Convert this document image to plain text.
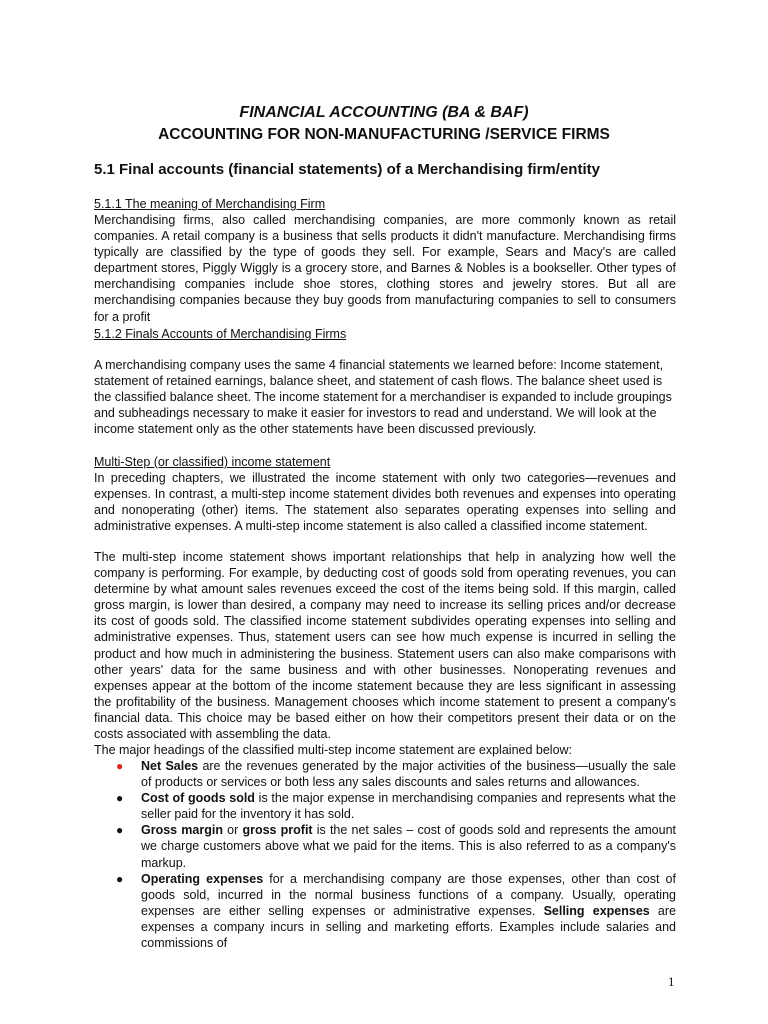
FINANCIAL ACCOUNTING (BA & BAF)
ACCOUNTING FOR NON-MANUFACTURING /SERVICE FIRMS
5.1 Final accounts (financial statements) of a Merchandising firm/entity
5.1.1 The meaning of Merchandising Firm
Merchandising firms, also called merchandising companies, are more commonly known as retail companies. A retail company is a business that sells products it didn't manufacture. Merchandising firms typically are classified by the type of goods they sell. For example, Sears and Macy's are called department stores, Piggly Wiggly is a grocery store, and Barnes & Nobles is a bookseller. Other types of merchandising companies include shoe stores, clothing stores and jewelry stores. But all are merchandising companies because they buy goods from manufacturing companies to sell to consumers for a profit
5.1.2 Finals Accounts of Merchandising Firms
A merchandising company uses the same 4 financial statements we learned before: Income statement, statement of retained earnings, balance sheet, and statement of cash flows. The balance sheet used is the classified balance sheet. The income statement for a merchandiser is expanded to include groupings and subheadings necessary to make it easier for investors to read and understand. We will look at the income statement only as the other statements have been discussed previously.
Multi-Step (or classified) income statement
In preceding chapters, we illustrated the income statement with only two categories—revenues and expenses. In contrast, a multi-step income statement divides both revenues and expenses into operating and nonoperating (other) items. The statement also separates operating expenses into selling and administrative expenses. A multi-step income statement is also called a classified income statement.
The multi-step income statement shows important relationships that help in analyzing how well the company is performing. For example, by deducting cost of goods sold from operating revenues, you can determine by what amount sales revenues exceed the cost of the items being sold. If this margin, called gross margin, is lower than desired, a company may need to increase its selling prices and/or decrease its cost of goods sold. The classified income statement subdivides operating expenses into selling and administrative expenses. Thus, statement users can see how much expense is incurred in selling the product and how much in administering the business. Statement users can also make comparisons with other years' data for the same business and with other businesses. Nonoperating revenues and expenses appear at the bottom of the income statement because they are less significant in assessing the profitability of the business. Management chooses which income statement to present a company's financial data. This choice may be based either on how their competitors present their data or on the costs associated with assembling the data.
The major headings of the classified multi-step income statement are explained below:
● Net Sales are the revenues generated by the major activities of the business—usually the sale of products or services or both less any sales discounts and sales returns and allowances.
● Cost of goods sold is the major expense in merchandising companies and represents what the seller paid for the inventory it has sold.
● Gross margin or gross profit is the net sales – cost of goods sold and represents the amount we charge customers above what we paid for the items. This is also referred to as a company's markup.
● Operating expenses for a merchandising company are those expenses, other than cost of goods sold, incurred in the normal business functions of a company. Usually, operating expenses are either selling expenses or administrative expenses. Selling expenses are expenses a company incurs in selling and marketing efforts. Examples include salaries and commissions of
1
